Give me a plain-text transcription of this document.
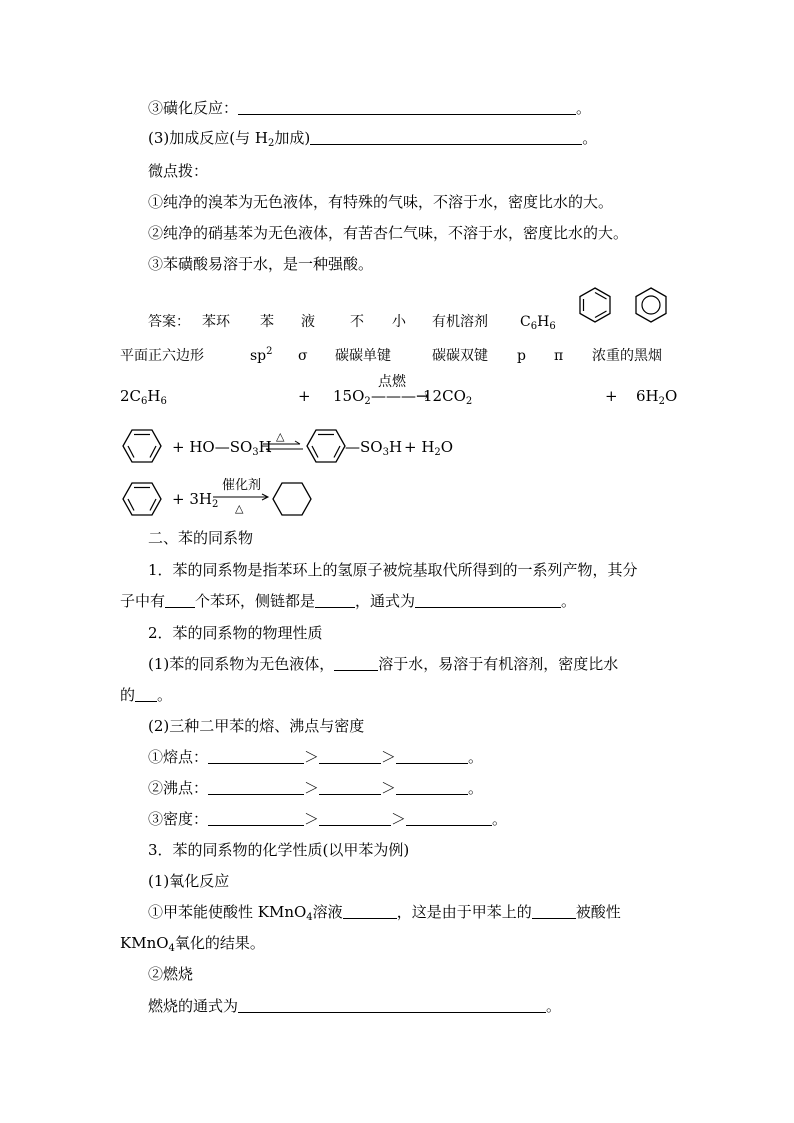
③磺化反应：	。
(3)加成反应(与 $H_2$加成)	。
微点拨：
①纯净的溴苯为无色液体，有特殊的气味，不溶于水，密度比水的大。
②纯净的硝基苯为无色液体，有苦杏仁气味，不溶于水，密度比水的大。
③苯磺酸易溶于水，是一种强酸。
答案： 苯环 苯 液	不 小 有机溶剂 $C_6H_6$
平面正六边形	$sp^2$ σ 碳碳单键	碳碳双键 p π 浓重的黑烟
$2C_6H_6$	+ $15O_2$
点燃
———→
$12CO_2$	+ $6H_2O$
+ $HO—SO_3H$
△
$—SO_3H + H_2O$
+ $3H_2$
催化剂
△
二、苯的同系物
1．苯的同系物是指苯环上的氢原子被烷基取代所得到的一系列产物，其分
子中有 个苯环，侧链都是	，通式为	。
2．苯的同系物的物理性质
(1)苯的同系物为无色液体，	溶于水，易溶于有机溶剂，密度比水
的 。
(2)三种二甲苯的熔、沸点与密度
①熔点：	＞	＞	。
②沸点：	＞	＞	。
③密度：	＞	＞	。
3．苯的同系物的化学性质(以甲苯为例)
(1)氧化反应
①甲苯能使酸性 KMnO$_4$溶液	，这是由于甲苯上的	被酸性
KMnO$_4$氧化的结果。
②燃烧
燃烧的通式为	。
